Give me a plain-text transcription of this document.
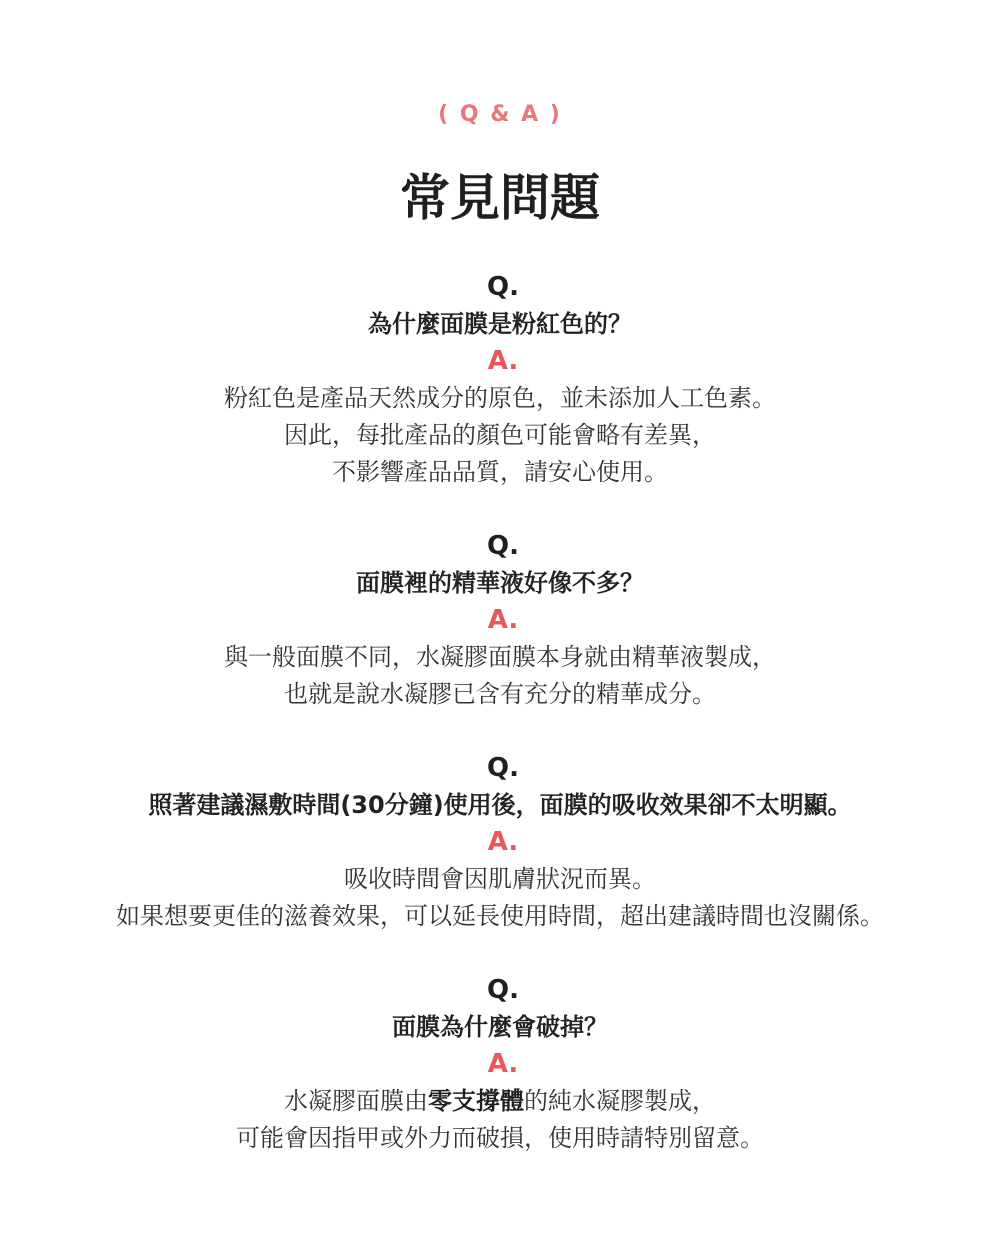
( Q & A )
常見問題
Q.
為什麼面膜是粉紅色的？
A.
粉紅色是產品天然成分的原色，並未添加人工色素。
因此，每批產品的顏色可能會略有差異，
不影響產品品質，請安心使用。
Q.
面膜裡的精華液好像不多？
A.
與一般面膜不同，水凝膠面膜本身就由精華液製成，
也就是說水凝膠已含有充分的精華成分。
Q.
照著建議濕敷時間(30分鐘)使用後，面膜的吸收效果卻不太明顯。
A.
吸收時間會因肌膚狀況而異。
如果想要更佳的滋養效果，可以延長使用時間，超出建議時間也沒關係。
Q.
面膜為什麼會破掉？
A.
水凝膠面膜由零支撐體的純水凝膠製成，
可能會因指甲或外力而破損，使用時請特別留意。
